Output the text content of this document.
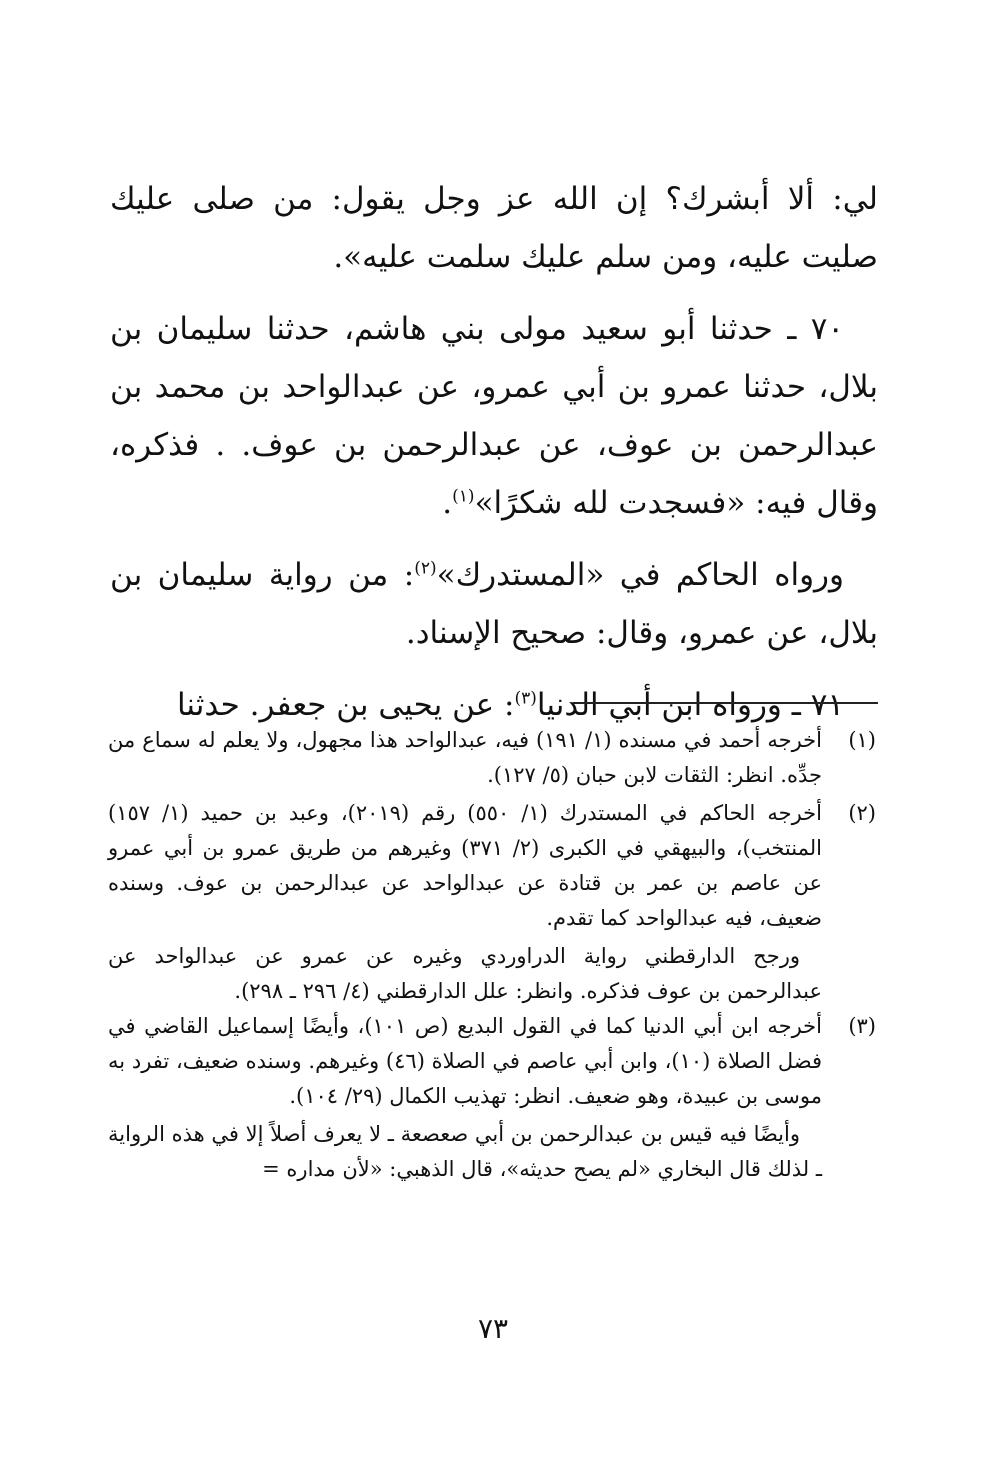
لي: ألا أبشرك؟ إن الله عز وجل يقول: من صلى عليك صليت عليه، ومن سلم عليك سلمت عليه».

٧٠ ـ حدثنا أبو سعيد مولى بني هاشم، حدثنا سليمان بن بلال، حدثنا عمرو بن أبي عمرو، عن عبدالواحد بن محمد بن عبدالرحمن بن عوف، عن عبدالرحمن بن عوف. . فذكره، وقال فيه: «فسجدت لله شكرًا»$^{(١)}$.

ورواه الحاكم في «المستدرك»$^{(٢)}$: من رواية سليمان بن بلال، عن عمرو، وقال: صحيح الإسناد.

٧١ ـ ورواه ابن أبي الدنيا$^{(٣)}$: عن يحيى بن جعفر. حدثنا

(١)

أخرجه أحمد في مسنده (١/ ١٩١) فيه، عبدالواحد هذا مجهول، ولا يعلم له سماع من جدِّه. انظر: الثقات لابن حبان (٥/ ١٢٧).

(٢)

أخرجه الحاكم في المستدرك (١/ ٥٥٠) رقم (٢٠١٩)، وعبد بن حميد (١/ ١٥٧) المنتخب)، والبيهقي في الكبرى (٢/ ٣٧١) وغيرهم من طريق عمرو بن أبي عمرو عن عاصم بن عمر بن قتادة عن عبدالواحد عن عبدالرحمن بن عوف. وسنده ضعيف، فيه عبدالواحد كما تقدم.

ورجح الدارقطني رواية الدراوردي وغيره عن عمرو عن عبدالواحد عن عبدالرحمن بن عوف فذكره. وانظر: علل الدارقطني (٤/ ٢٩٦ ـ ٢٩٨).

(٣)

أخرجه ابن أبي الدنيا كما في القول البديع (ص ١٠١)، وأيضًا إسماعيل القاضي في فضل الصلاة (١٠)، وابن أبي عاصم في الصلاة (٤٦) وغيرهم. وسنده ضعيف، تفرد به موسى بن عبيدة، وهو ضعيف. انظر: تهذيب الكمال (٢٩/ ١٠٤).

وأيضًا فيه قيس بن عبدالرحمن بن أبي صعصعة ـ لا يعرف أصلاً إلا في هذه الرواية ـ لذلك قال البخاري «لم يصح حديثه»، قال الذهبي: «لأن مداره =

٧٣
